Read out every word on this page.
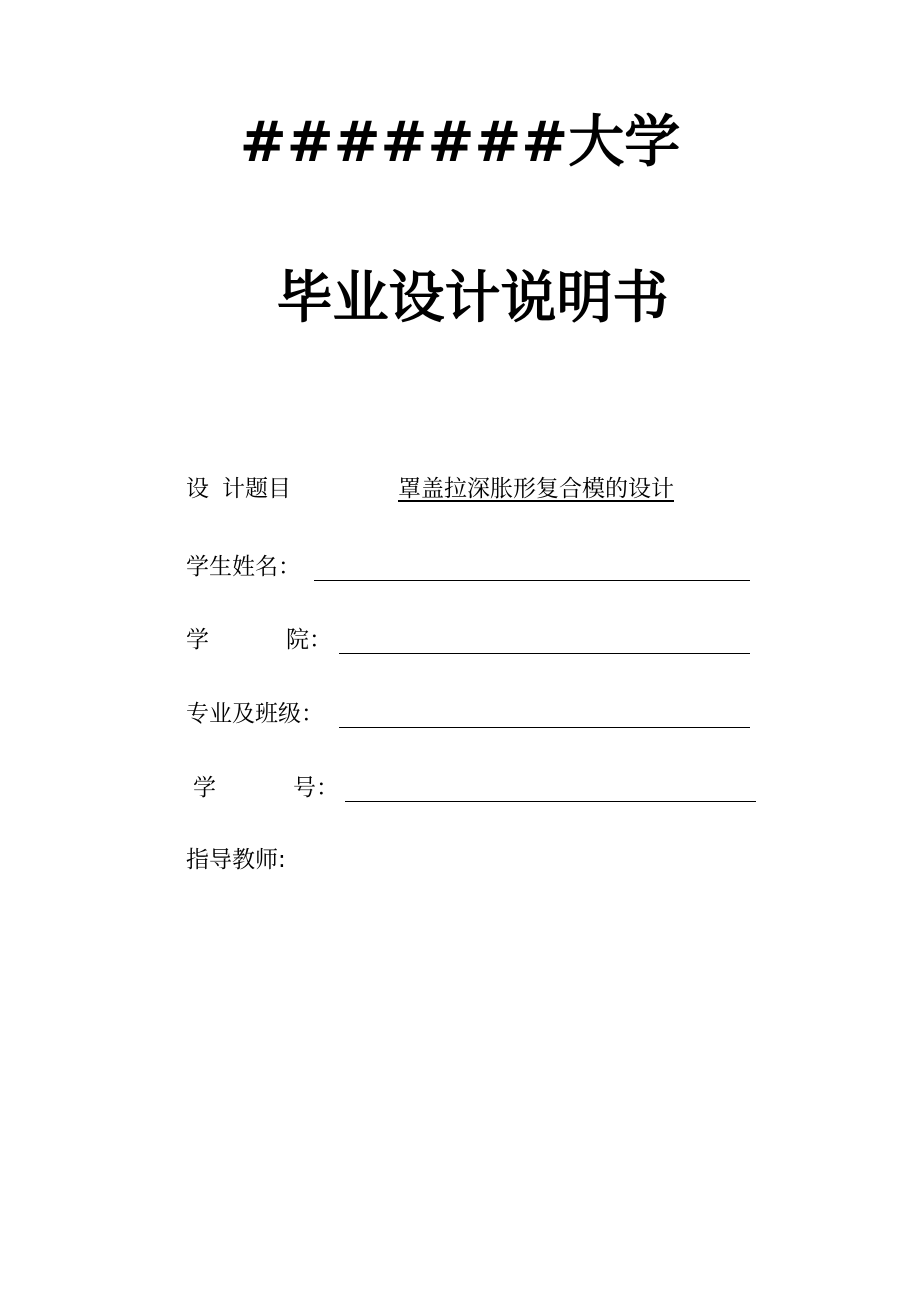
#######大学
毕业设计说明书
设 计题目	罩盖拉深胀形复合模的设计
学生姓名：
学	院：
专业及班级：
学	号：
指导教师:
